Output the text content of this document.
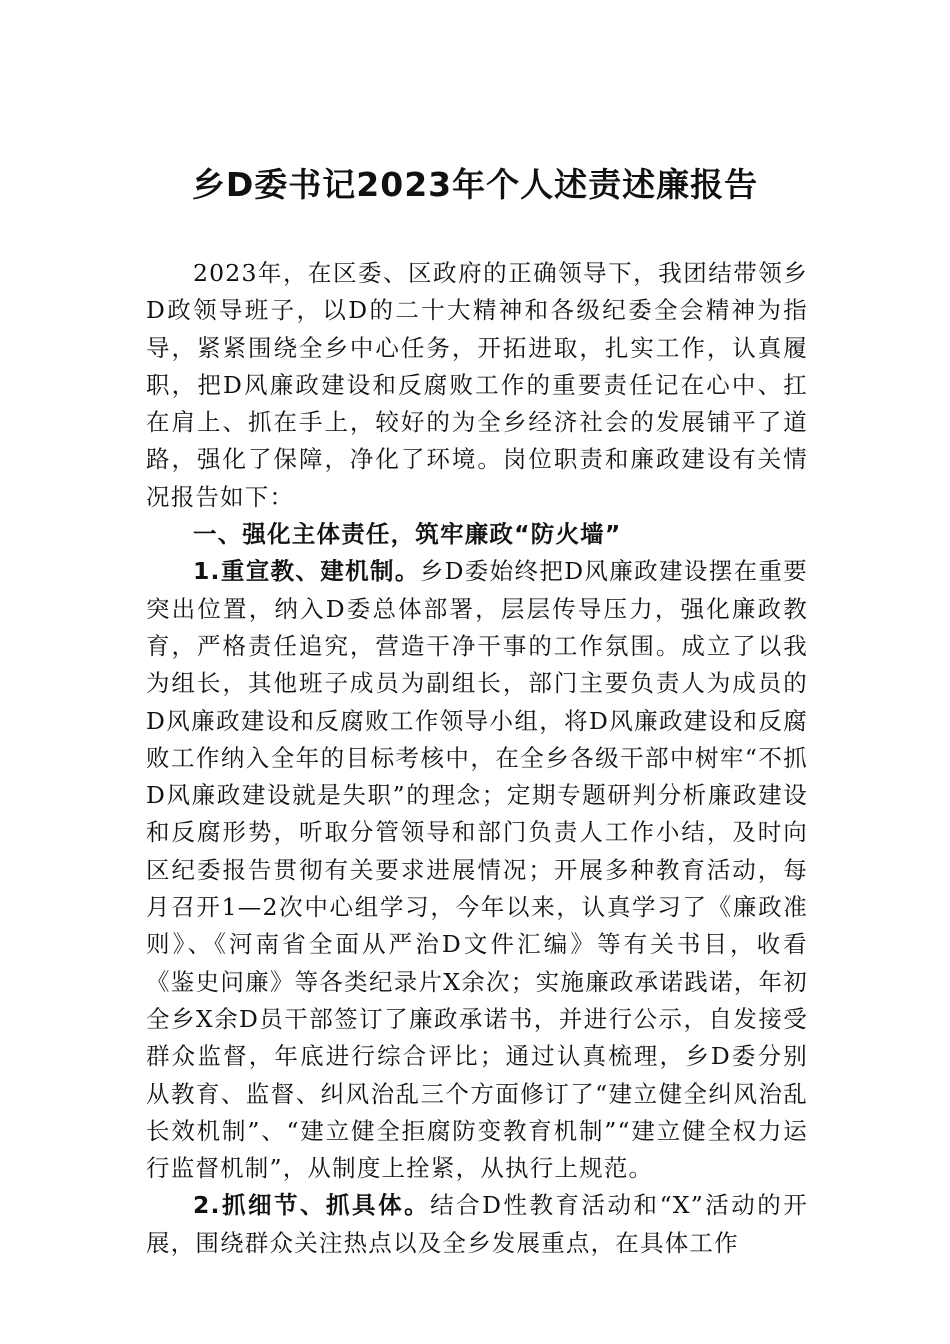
乡D委书记2023年个人述责述廉报告

2023年，在区委、区政府的正确领导下，我团结带领乡D政领导班子，以D的二十大精神和各级纪委全会精神为指导，紧紧围绕全乡中心任务，开拓进取，扎实工作，认真履职，把D风廉政建设和反腐败工作的重要责任记在心中、扛在肩上、抓在手上，较好的为全乡经济社会的发展铺平了道路，强化了保障，净化了环境。岗位职责和廉政建设有关情况报告如下：

一、强化主体责任，筑牢廉政“防火墙”

1.重宣教、建机制。乡D委始终把D风廉政建设摆在重要突出位置，纳入D委总体部署，层层传导压力，强化廉政教育，严格责任追究，营造干净干事的工作氛围。成立了以我为组长，其他班子成员为副组长，部门主要负责人为成员的D风廉政建设和反腐败工作领导小组，将D风廉政建设和反腐败工作纳入全年的目标考核中，在全乡各级干部中树牢“不抓D风廉政建设就是失职”的理念；定期专题研判分析廉政建设和反腐形势，听取分管领导和部门负责人工作小结，及时向区纪委报告贯彻有关要求进展情况；开展多种教育活动，每月召开1—2次中心组学习，今年以来，认真学习了《廉政准则》、《河南省全面从严治D文件汇编》等有关书目，收看《鉴史问廉》等各类纪录片X余次；实施廉政承诺践诺，年初全乡X余D员干部签订了廉政承诺书，并进行公示，自发接受群众监督，年底进行综合评比；通过认真梳理，乡D委分别从教育、监督、纠风治乱三个方面修订了“建立健全纠风治乱长效机制”、“建立健全拒腐防变教育机制”“建立健全权力运行监督机制”，从制度上拴紧，从执行上规范。

2.抓细节、抓具体。结合D性教育活动和“X”活动的开展，围绕群众关注热点以及全乡发展重点，在具体工作
